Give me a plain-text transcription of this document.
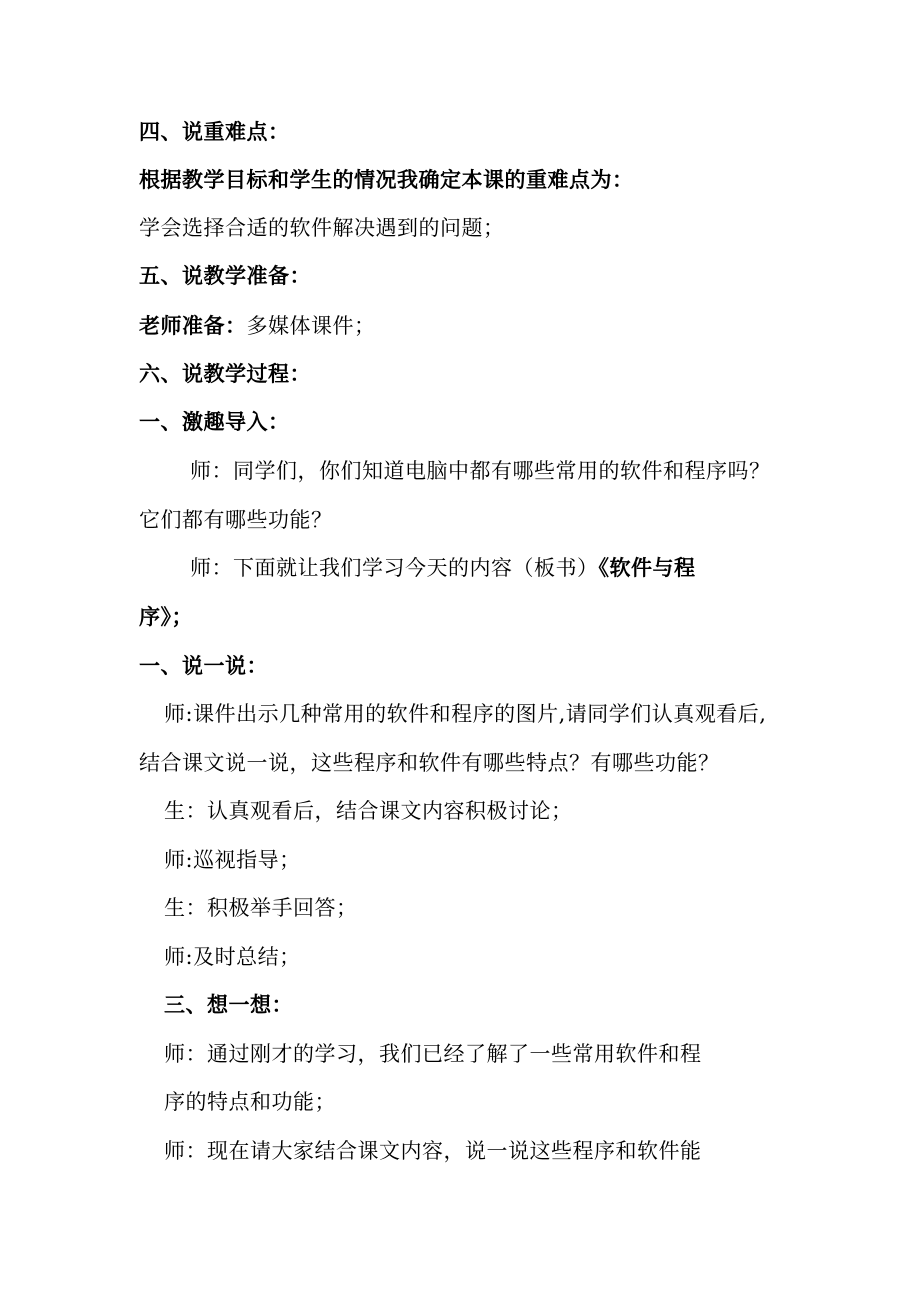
四、说重难点：
根据教学目标和学生的情况我确定本课的重难点为：
学会选择合适的软件解决遇到的问题；
五、说教学准备：
老师准备：多媒体课件；
六、说教学过程：
一、激趣导入：
师：同学们，你们知道电脑中都有哪些常用的软件和程序吗？
它们都有哪些功能？
师：下面就让我们学习今天的内容（板书）《软件与程
序》；
一、说一说：
师:课件出示几种常用的软件和程序的图片,请同学们认真观看后,
结合课文说一说，这些程序和软件有哪些特点？有哪些功能？
生：认真观看后，结合课文内容积极讨论；
师:巡视指导；
生：积极举手回答；
师:及时总结；
三、想一想：
师：通过刚才的学习，我们已经了解了一些常用软件和程
序的特点和功能；
师：现在请大家结合课文内容，说一说这些程序和软件能
